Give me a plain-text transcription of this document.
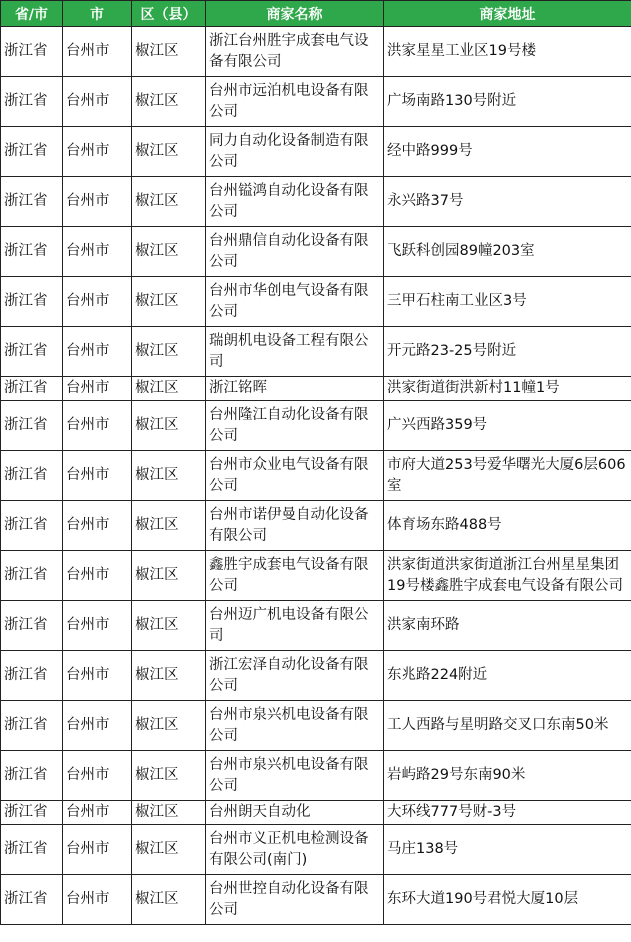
省/市	市	区（县）	商家名称	商家地址

浙江省	台州市	椒江区	浙江台州胜宇成套电气设备有限公司	洪家星星工业区19号楼

浙江省	台州市	椒江区	台州市远泊机电设备有限公司	广场南路130号附近

浙江省	台州市	椒江区	同力自动化设备制造有限公司	经中路999号

浙江省	台州市	椒江区	台州镒鸿自动化设备有限公司	永兴路37号

浙江省	台州市	椒江区	台州鼎信自动化设备有限公司	飞跃科创园89幢203室

浙江省	台州市	椒江区	台州市华创电气设备有限公司	三甲石柱南工业区3号

浙江省	台州市	椒江区	瑞朗机电设备工程有限公司	开元路23-25号附近

浙江省	台州市	椒江区	浙江铭晖	洪家街道街洪新村11幢1号

浙江省	台州市	椒江区	台州隆江自动化设备有限公司	广兴西路359号

浙江省	台州市	椒江区	台州市众业电气设备有限公司	市府大道253号爱华曙光大厦6层606室

浙江省	台州市	椒江区	台州市诺伊曼自动化设备有限公司	体育场东路488号

浙江省	台州市	椒江区	鑫胜宇成套电气设备有限公司	洪家街道洪家街道浙江台州星星集团19号楼鑫胜宇成套电气设备有限公司

浙江省	台州市	椒江区	台州迈广机电设备有限公司	洪家南环路

浙江省	台州市	椒江区	浙江宏泽自动化设备有限公司	东兆路224附近

浙江省	台州市	椒江区	台州市泉兴机电设备有限公司	工人西路与星明路交叉口东南50米

浙江省	台州市	椒江区	台州市泉兴机电设备有限公司	岩屿路29号东南90米

浙江省	台州市	椒江区	台州朗天自动化	大环线777号财-3号

浙江省	台州市	椒江区	台州市义正机电检测设备有限公司(南门)	马庄138号

浙江省	台州市	椒江区	台州世控自动化设备有限公司	东环大道190号君悦大厦10层
